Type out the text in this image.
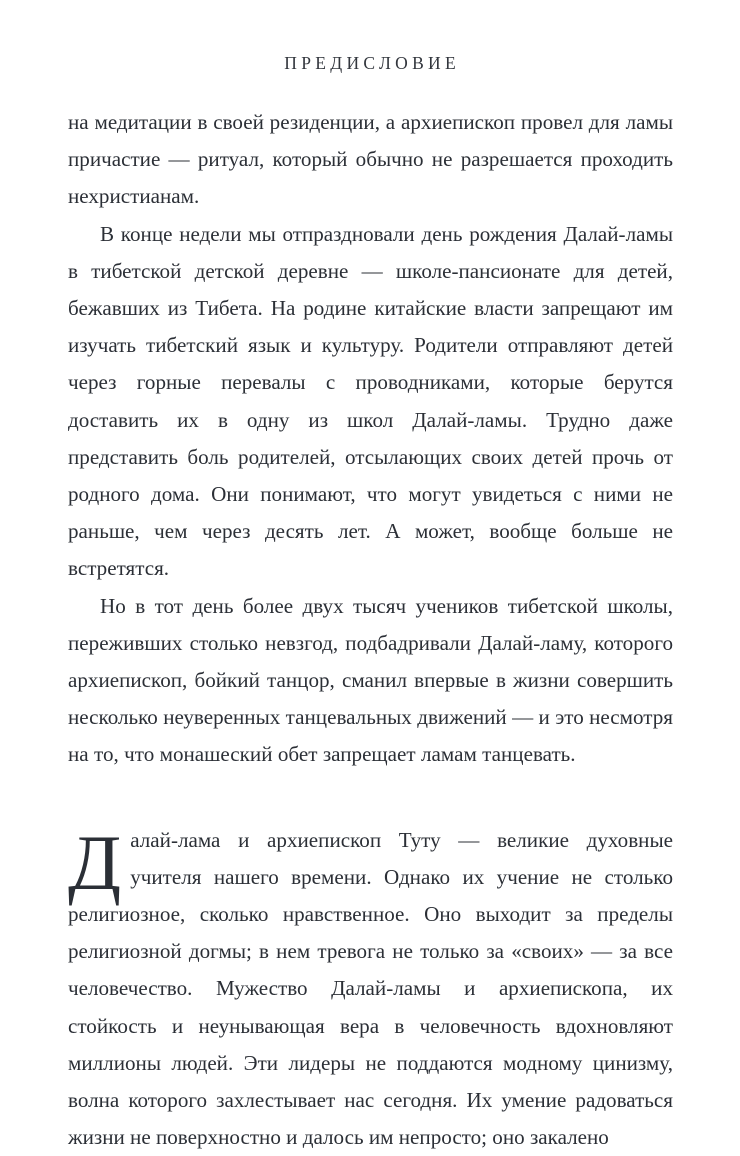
ПРЕДИСЛОВИЕ

на медитации в своей резиденции, а архиепископ провел для ламы причастие — ритуал, который обычно не разрешается проходить нехристианам.

В конце недели мы отпраздновали день рождения Далай-ламы в тибетской детской деревне — школе-пансионате для детей, бежавших из Тибета. На родине китайские власти запрещают им изучать тибетский язык и культуру. Родители отправляют детей через горные перевалы с проводниками, которые берутся доставить их в одну из школ Далай-ламы. Трудно даже представить боль родителей, отсылающих своих детей прочь от родного дома. Они понимают, что могут увидеться с ними не раньше, чем через десять лет. А может, вообще больше не встретятся.

Но в тот день более двух тысяч учеников тибетской школы, переживших столько невзгод, подбадривали Далай-ламу, которого архиепископ, бойкий танцор, сманил впервые в жизни совершить несколько неуверенных танцевальных движений — и это несмотря на то, что монашеский обет запрещает ламам танцевать.

Далай-лама и архиепископ Туту — великие духовные учителя нашего времени. Однако их учение не столько религиозное, сколько нравственное. Оно выходит за пределы религиозной догмы; в нем тревога не только за «своих» — за все человечество. Мужество Далай-ламы и архиепископа, их стойкость и неунывающая вера в человечность вдохновляют миллионы людей. Эти лидеры не поддаются модному цинизму, волна которого захлестывает нас сегодня. Их умение радоваться жизни не поверхностно и далось им непросто; оно закалено
